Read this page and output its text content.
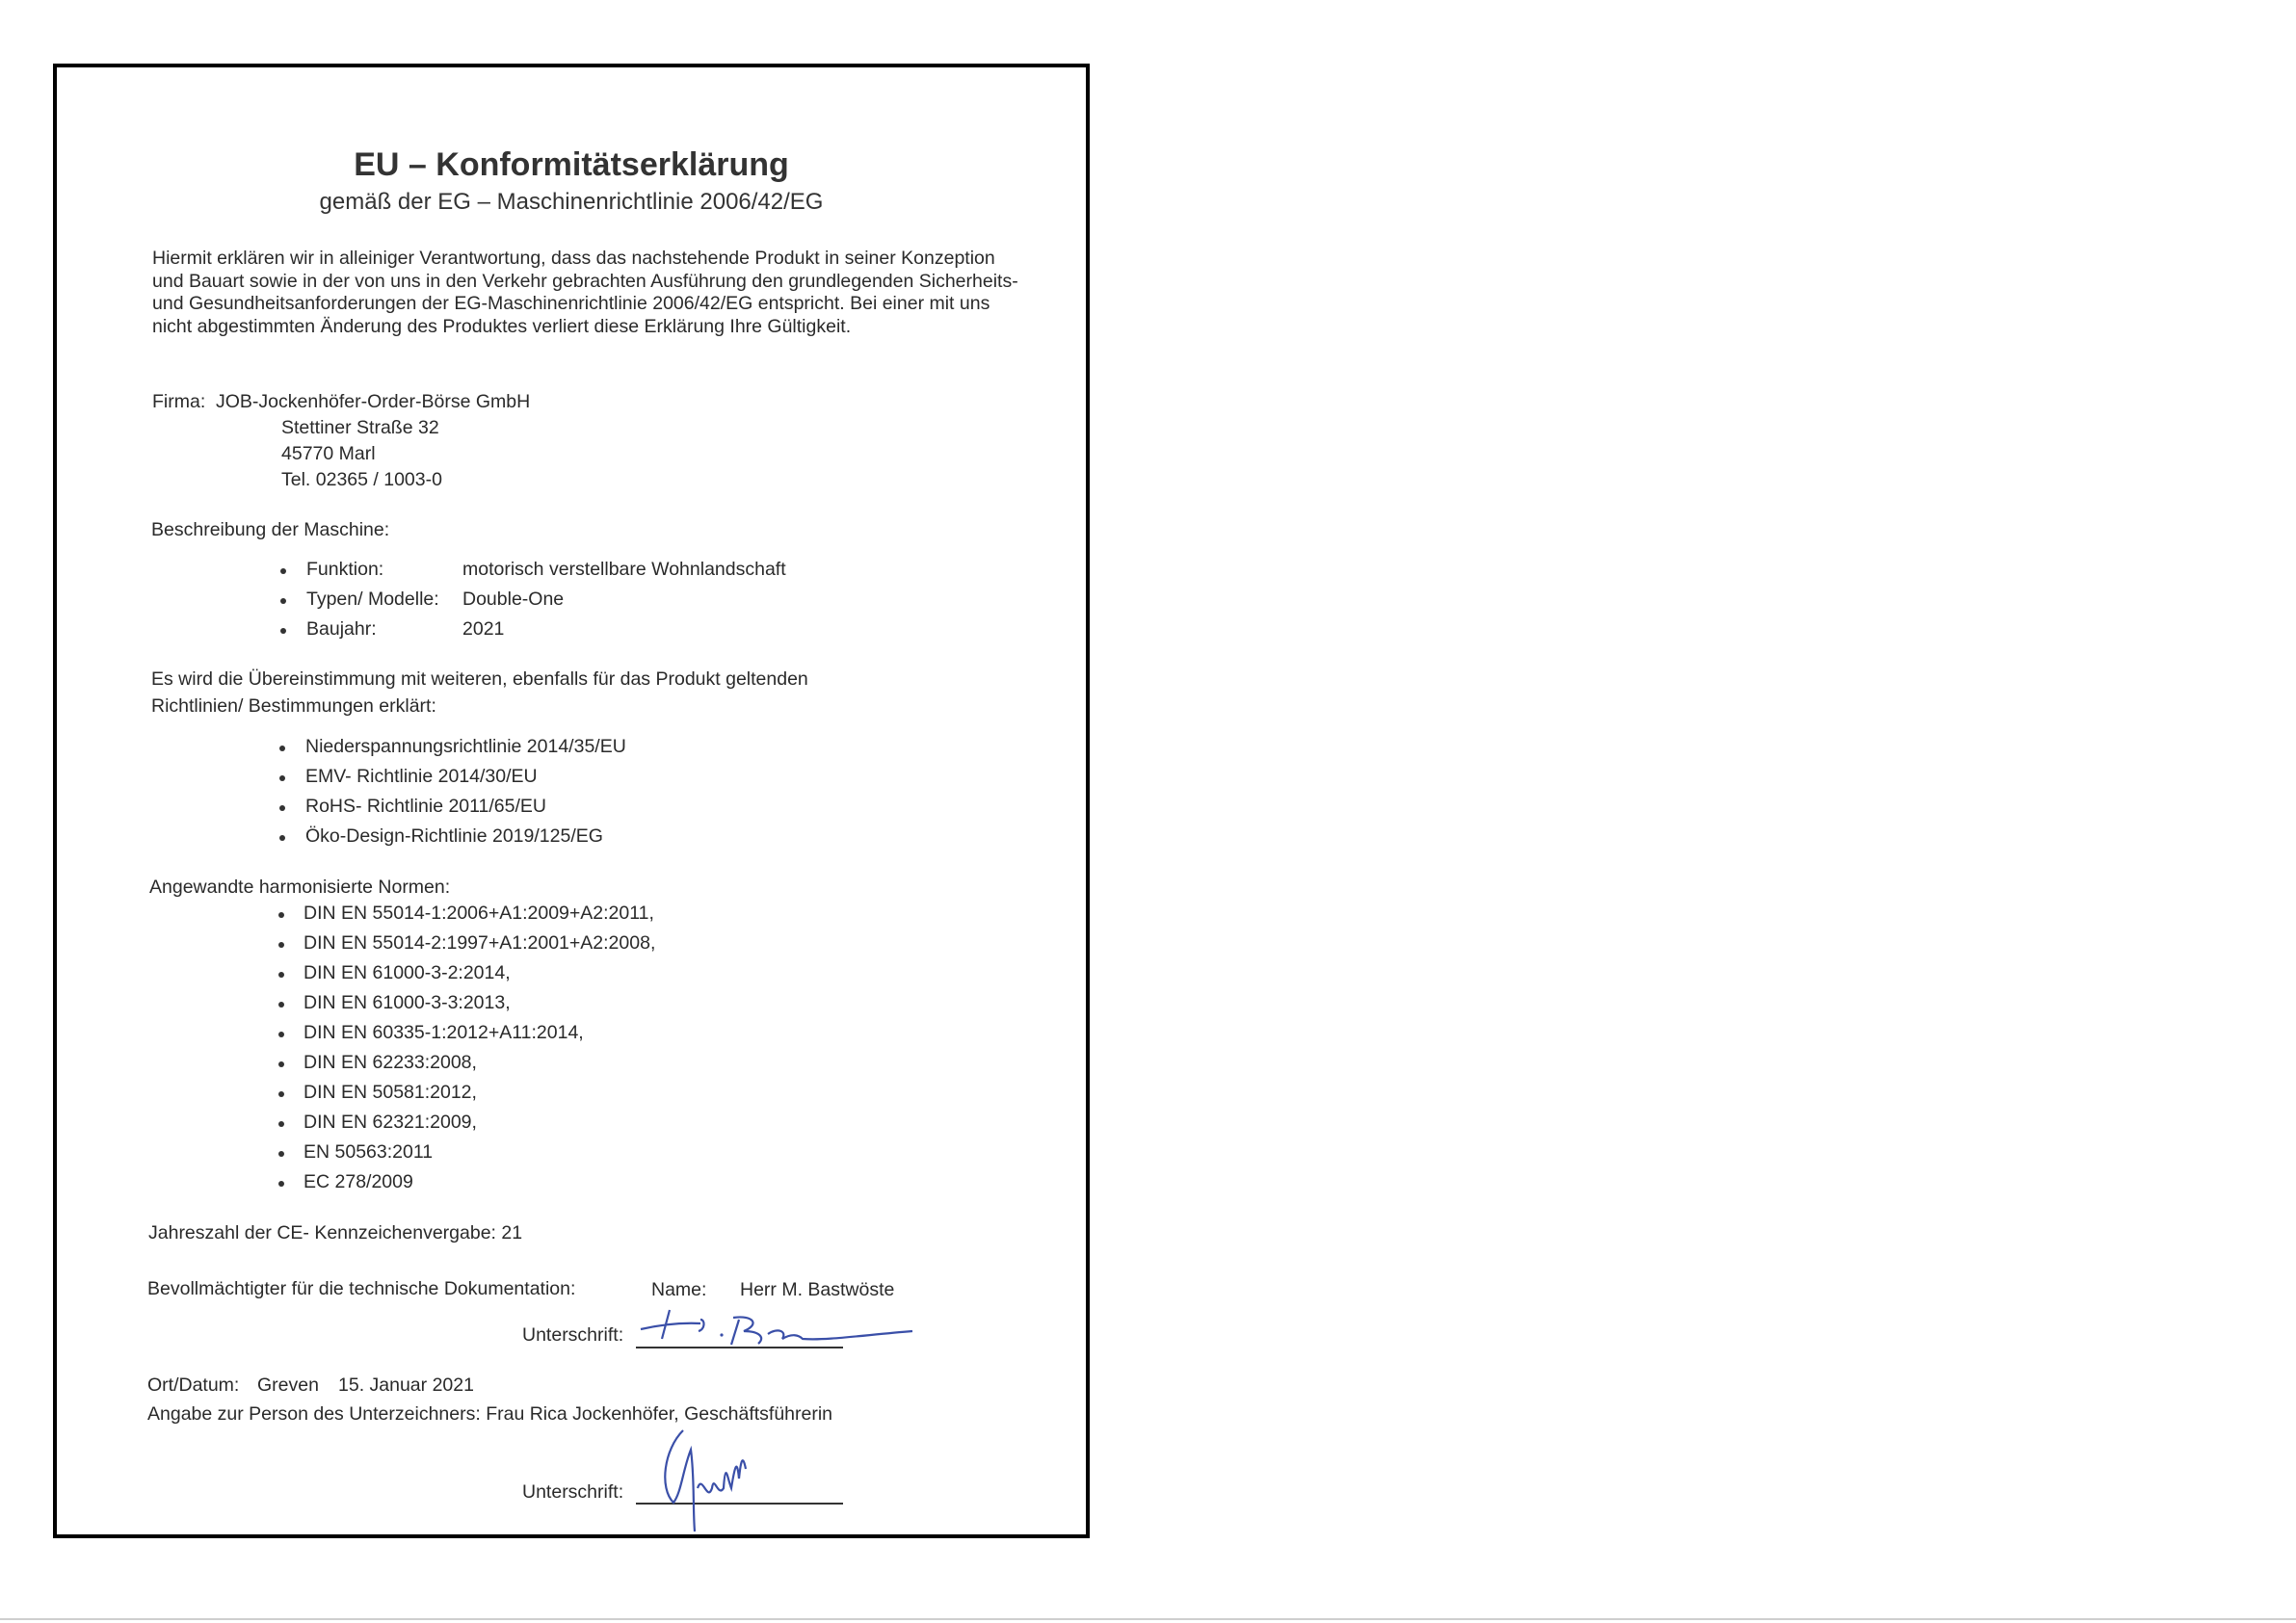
EU – Konformitätserklärung
gemäß der EG – Maschinenrichtlinie 2006/42/EG
Hiermit erklären wir in alleiniger Verantwortung, dass das nachstehende Produkt in seiner Konzeption und Bauart sowie in der von uns in den Verkehr gebrachten Ausführung den grundlegenden Sicherheits- und Gesundheitsanforderungen der EG-Maschinenrichtlinie 2006/42/EG entspricht. Bei einer mit uns nicht abgestimmten Änderung des Produktes verliert diese Erklärung Ihre Gültigkeit.
Firma: JOB-Jockenhöfer-Order-Börse GmbH
Stettiner Straße 32
45770 Marl
Tel. 02365 / 1003-0
Beschreibung der Maschine:
Funktion:	motorisch verstellbare Wohnlandschaft
Typen/ Modelle: Double-One
Baujahr:	2021
Es wird die Übereinstimmung mit weiteren, ebenfalls für das Produkt geltenden
Richtlinien/ Bestimmungen erklärt:
Niederspannungsrichtlinie 2014/35/EU
EMV- Richtlinie 2014/30/EU
RoHS- Richtlinie 2011/65/EU
Öko-Design-Richtlinie 2019/125/EG
Angewandte harmonisierte Normen:
DIN EN 55014-1:2006+A1:2009+A2:2011,
DIN EN 55014-2:1997+A1:2001+A2:2008,
DIN EN 61000-3-2:2014,
DIN EN 61000-3-3:2013,
DIN EN 60335-1:2012+A11:2014,
DIN EN 62233:2008,
DIN EN 50581:2012,
DIN EN 62321:2009,
EN 50563:2011
EC 278/2009
Jahreszahl der CE- Kennzeichenvergabe: 21
Bevollmächtigter für die technische Dokumentation:	Name: Herr M. Bastwöste
Unterschrift:
Ort/Datum: Greven 15. Januar 2021
Angabe zur Person des Unterzeichners: Frau Rica Jockenhöfer, Geschäftsführerin
Unterschrift:
